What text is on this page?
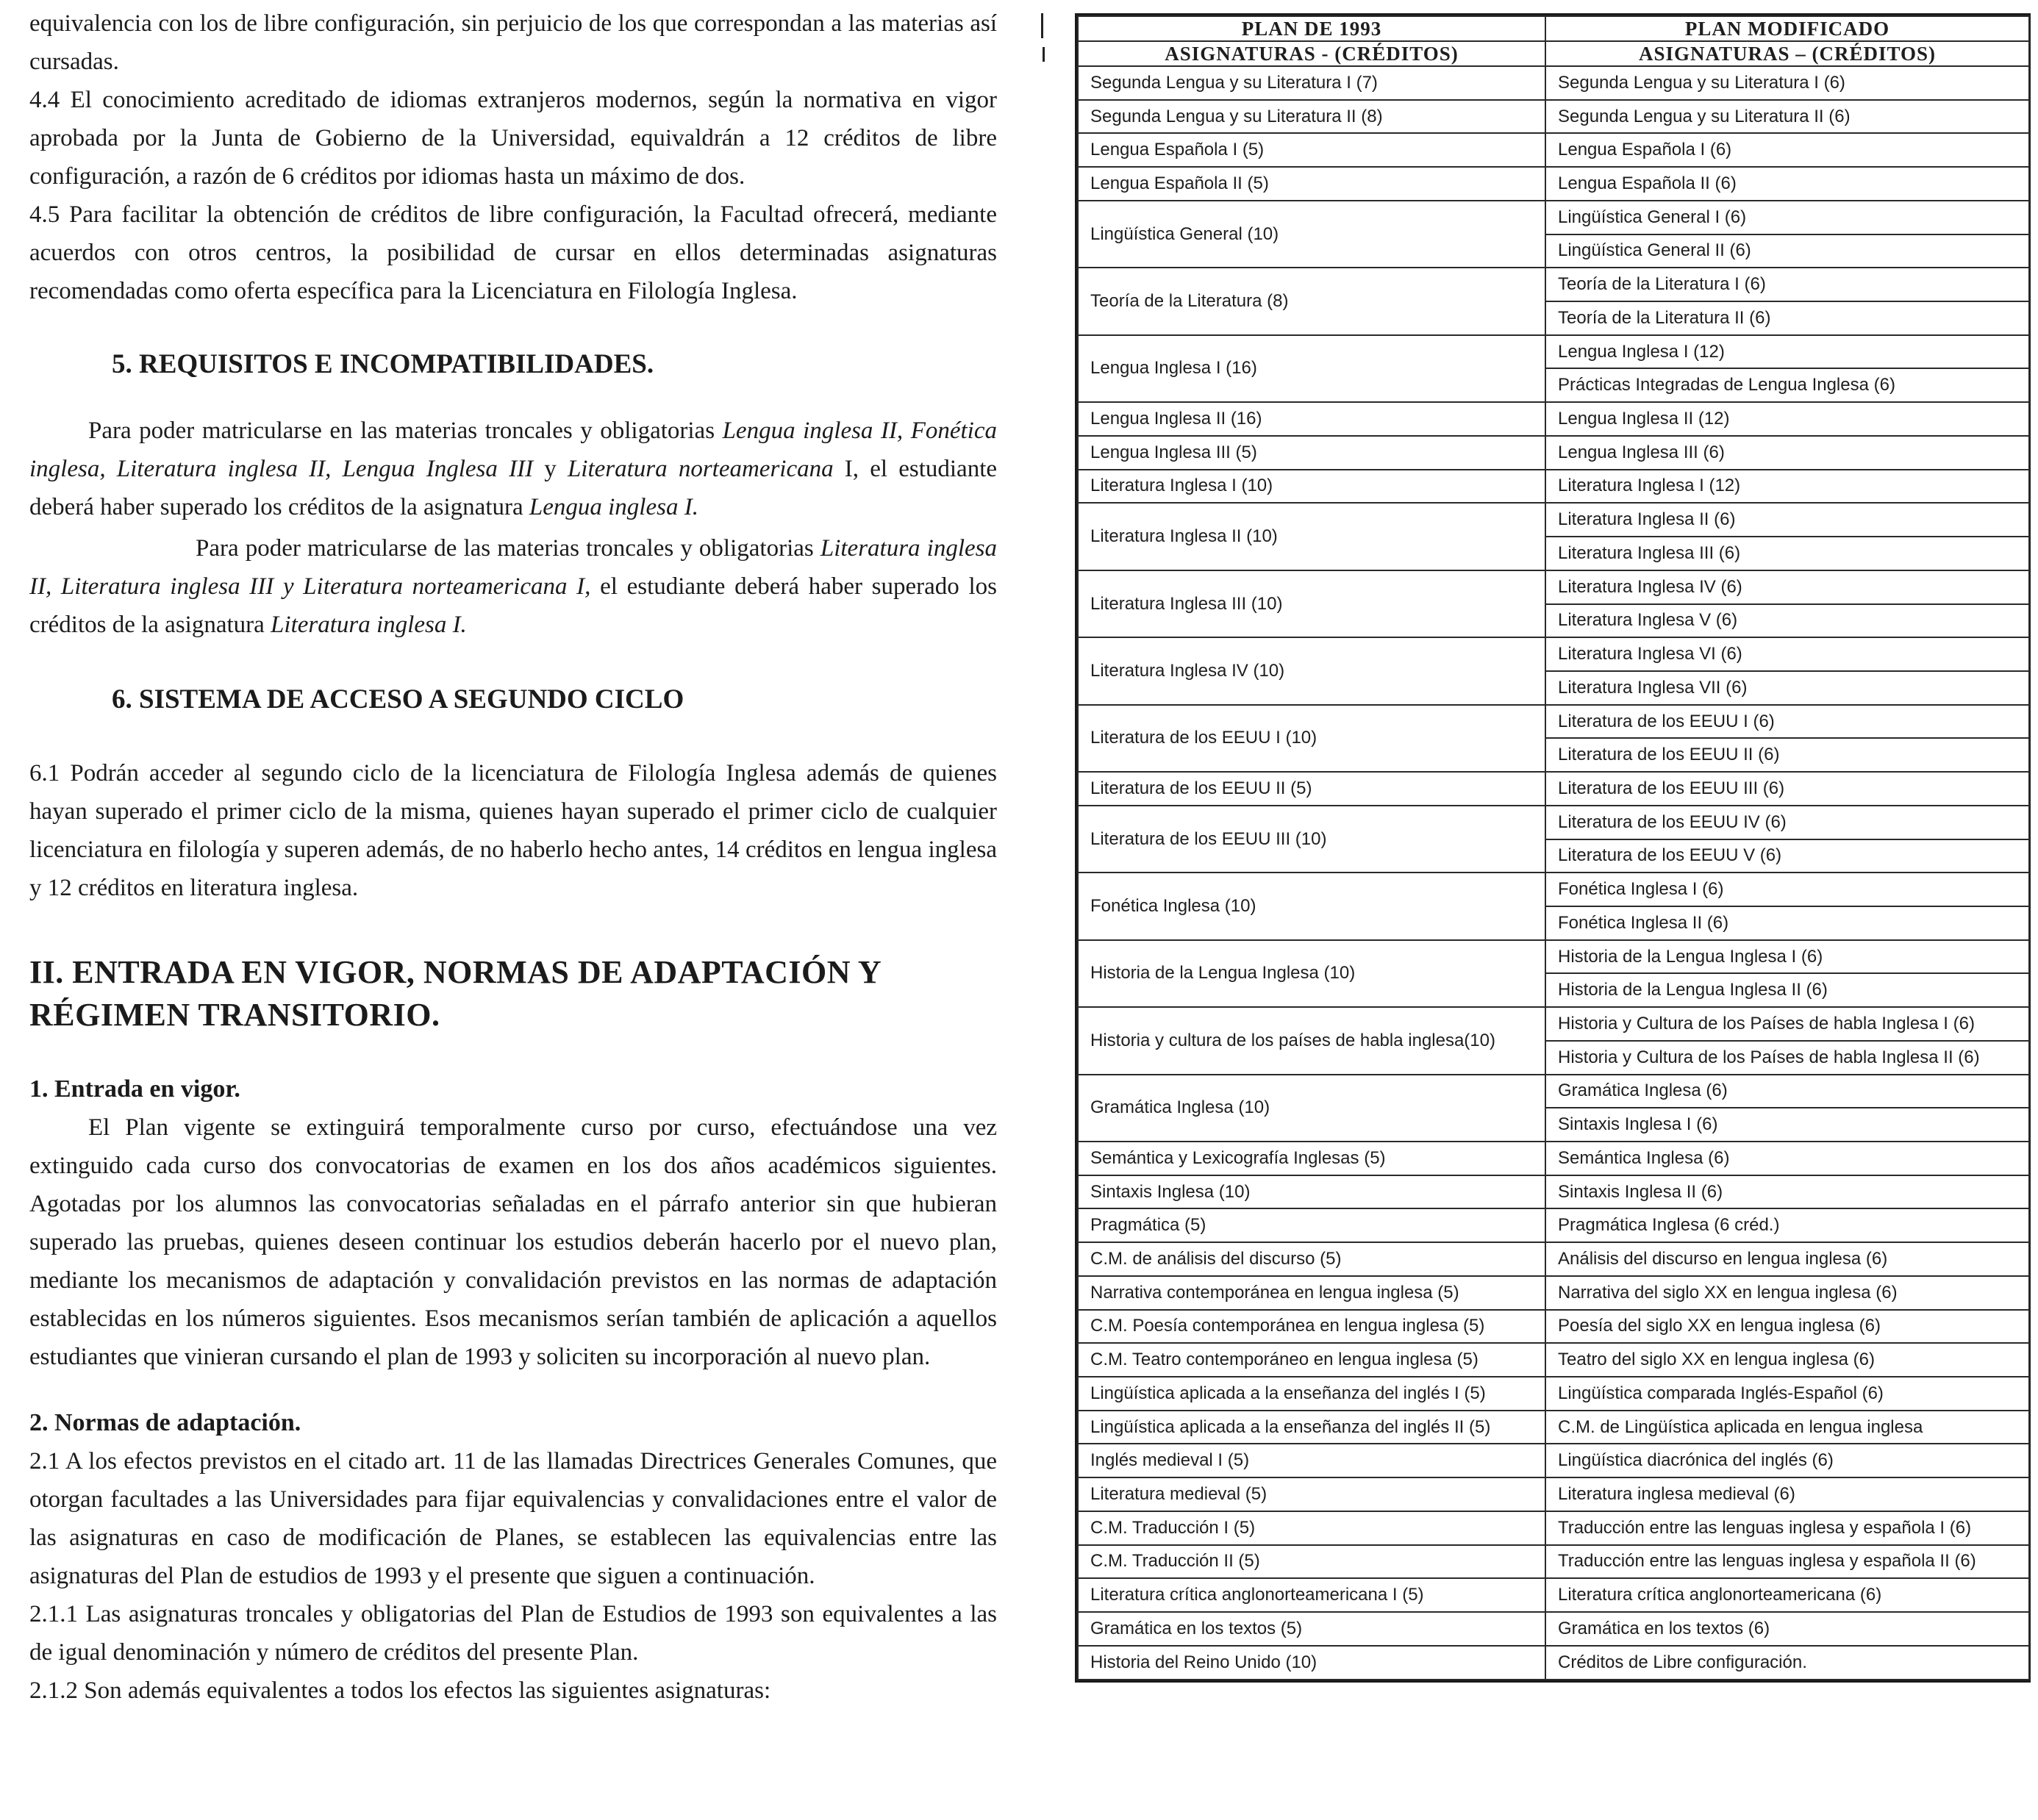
equivalencia con los de libre configuración, sin perjuicio de los que correspondan a las materias así cursadas.

4.4 El conocimiento acreditado de idiomas extranjeros modernos, según la normativa en vigor aprobada por la Junta de Gobierno de la Universidad, equivaldrán a 12 créditos de libre configuración, a razón de 6 créditos por idiomas hasta un máximo de dos.

4.5 Para facilitar la obtención de créditos de libre configuración, la Facultad ofrecerá, mediante acuerdos con otros centros, la posibilidad de cursar en ellos determinadas asignaturas recomendadas como oferta específica para la Licenciatura en Filología Inglesa.

5. REQUISITOS E INCOMPATIBILIDADES.

Para poder matricularse en las materias troncales y obligatorias Lengua inglesa II, Fonética inglesa, Literatura inglesa II, Lengua Inglesa III y Literatura norteamericana I, el estudiante deberá haber superado los créditos de la asignatura Lengua inglesa I.

Para poder matricularse de las materias troncales y obligatorias Literatura inglesa II, Literatura inglesa III y Literatura norteamericana I, el estudiante deberá haber superado los créditos de la asignatura Literatura inglesa I.

6. SISTEMA DE ACCESO A SEGUNDO CICLO

6.1 Podrán acceder al segundo ciclo de la licenciatura de Filología Inglesa además de quienes hayan superado el primer ciclo de la misma, quienes hayan superado el primer ciclo de cualquier licenciatura en filología y superen además, de no haberlo hecho antes, 14 créditos en lengua inglesa y 12 créditos en literatura inglesa.

II. ENTRADA EN VIGOR, NORMAS DE ADAPTACIÓN Y RÉGIMEN TRANSITORIO.
1. Entrada en vigor.

El Plan vigente se extinguirá temporalmente curso por curso, efectuándose una vez extinguido cada curso dos convocatorias de examen en los dos años académicos siguientes. Agotadas por los alumnos las convocatorias señaladas en el párrafo anterior sin que hubieran superado las pruebas, quienes deseen continuar los estudios deberán hacerlo por el nuevo plan, mediante los mecanismos de adaptación y convalidación previstos en las normas de adaptación establecidas en los números siguientes. Esos mecanismos serían también de aplicación a aquellos estudiantes que vinieran cursando el plan de 1993 y soliciten su incorporación al nuevo plan.

2. Normas de adaptación.

2.1 A los efectos previstos en el citado art. 11 de las llamadas Directrices Generales Comunes, que otorgan facultades a las Universidades para fijar equivalencias y convalidaciones entre el valor de las asignaturas en caso de modificación de Planes, se establecen las equivalencias entre las asignaturas del Plan de estudios de 1993 y el presente que siguen a continuación.

2.1.1 Las asignaturas troncales y obligatorias del Plan de Estudios de 1993 son equivalentes a las de igual denominación y número de créditos del presente Plan.

2.1.2 Son además equivalentes a todos los efectos las siguientes asignaturas:

PLAN DE 1993	PLAN MODIFICADO
ASIGNATURAS - (CRÉDITOS)	ASIGNATURAS – (CRÉDITOS)
Segunda Lengua y su Literatura I (7)	Segunda Lengua y su Literatura I (6)
Segunda Lengua y su Literatura II (8)	Segunda Lengua y su Literatura II (6)
Lengua Española I (5)	Lengua Española I (6)
Lengua Española II (5)	Lengua Española II (6)
Lingüística General (10)	Lingüística General I (6)
	Lingüística General II (6)
Teoría de la Literatura (8)	Teoría de la Literatura I (6)
	Teoría de la Literatura II (6)
Lengua Inglesa I (16)	Lengua Inglesa I (12)
	Prácticas Integradas de Lengua Inglesa (6)
Lengua Inglesa II (16)	Lengua Inglesa II (12)
Lengua Inglesa III (5)	Lengua Inglesa III (6)
Literatura Inglesa I (10)	Literatura Inglesa I (12)
Literatura Inglesa II (10)	Literatura Inglesa II (6)
	Literatura Inglesa III (6)
Literatura Inglesa III (10)	Literatura Inglesa IV (6)
	Literatura Inglesa V (6)
Literatura Inglesa IV (10)	Literatura Inglesa VI (6)
	Literatura Inglesa VII (6)
Literatura de los EEUU I (10)	Literatura de los EEUU I (6)
	Literatura de los EEUU II (6)
Literatura de los EEUU II (5)	Literatura de los EEUU III (6)
Literatura de los EEUU III (10)	Literatura de los EEUU IV (6)
	Literatura de los EEUU V (6)
Fonética Inglesa (10)	Fonética Inglesa I (6)
	Fonética Inglesa II (6)
Historia de la Lengua Inglesa (10)	Historia de la Lengua Inglesa I (6)
	Historia de la Lengua Inglesa II (6)
Historia y cultura de los países de habla inglesa(10)	Historia y Cultura de los Países de habla Inglesa I (6)
	Historia y Cultura de los Países de habla Inglesa II (6)
Gramática Inglesa (10)	Gramática Inglesa (6)
	Sintaxis Inglesa I (6)
Semántica y Lexicografía Inglesas (5)	Semántica Inglesa (6)
Sintaxis Inglesa (10)	Sintaxis Inglesa II (6)
Pragmática (5)	Pragmática Inglesa (6 créd.)
C.M. de análisis del discurso (5)	Análisis del discurso en lengua inglesa (6)
Narrativa contemporánea en lengua inglesa (5)	Narrativa del siglo XX en lengua inglesa (6)
C.M. Poesía contemporánea en lengua inglesa (5)	Poesía del siglo XX en lengua inglesa (6)
C.M. Teatro contemporáneo en lengua inglesa (5)	Teatro del siglo XX en lengua inglesa (6)
Lingüística aplicada a la enseñanza del inglés I (5)	Lingüística comparada Inglés-Español (6)
Lingüística aplicada a la enseñanza del inglés II (5)	C.M. de Lingüística aplicada en lengua inglesa
Inglés medieval I (5)	Lingüística diacrónica del inglés (6)
Literatura medieval (5)	Literatura inglesa medieval (6)
C.M. Traducción I (5)	Traducción entre las lenguas inglesa y española I (6)
C.M. Traducción II (5)	Traducción entre las lenguas inglesa y española II (6)
Literatura crítica anglonorteamericana I (5)	Literatura crítica anglonorteamericana (6)
Gramática en los textos (5)	Gramática en los textos (6)
Historia del Reino Unido (10)	Créditos de Libre configuración.
